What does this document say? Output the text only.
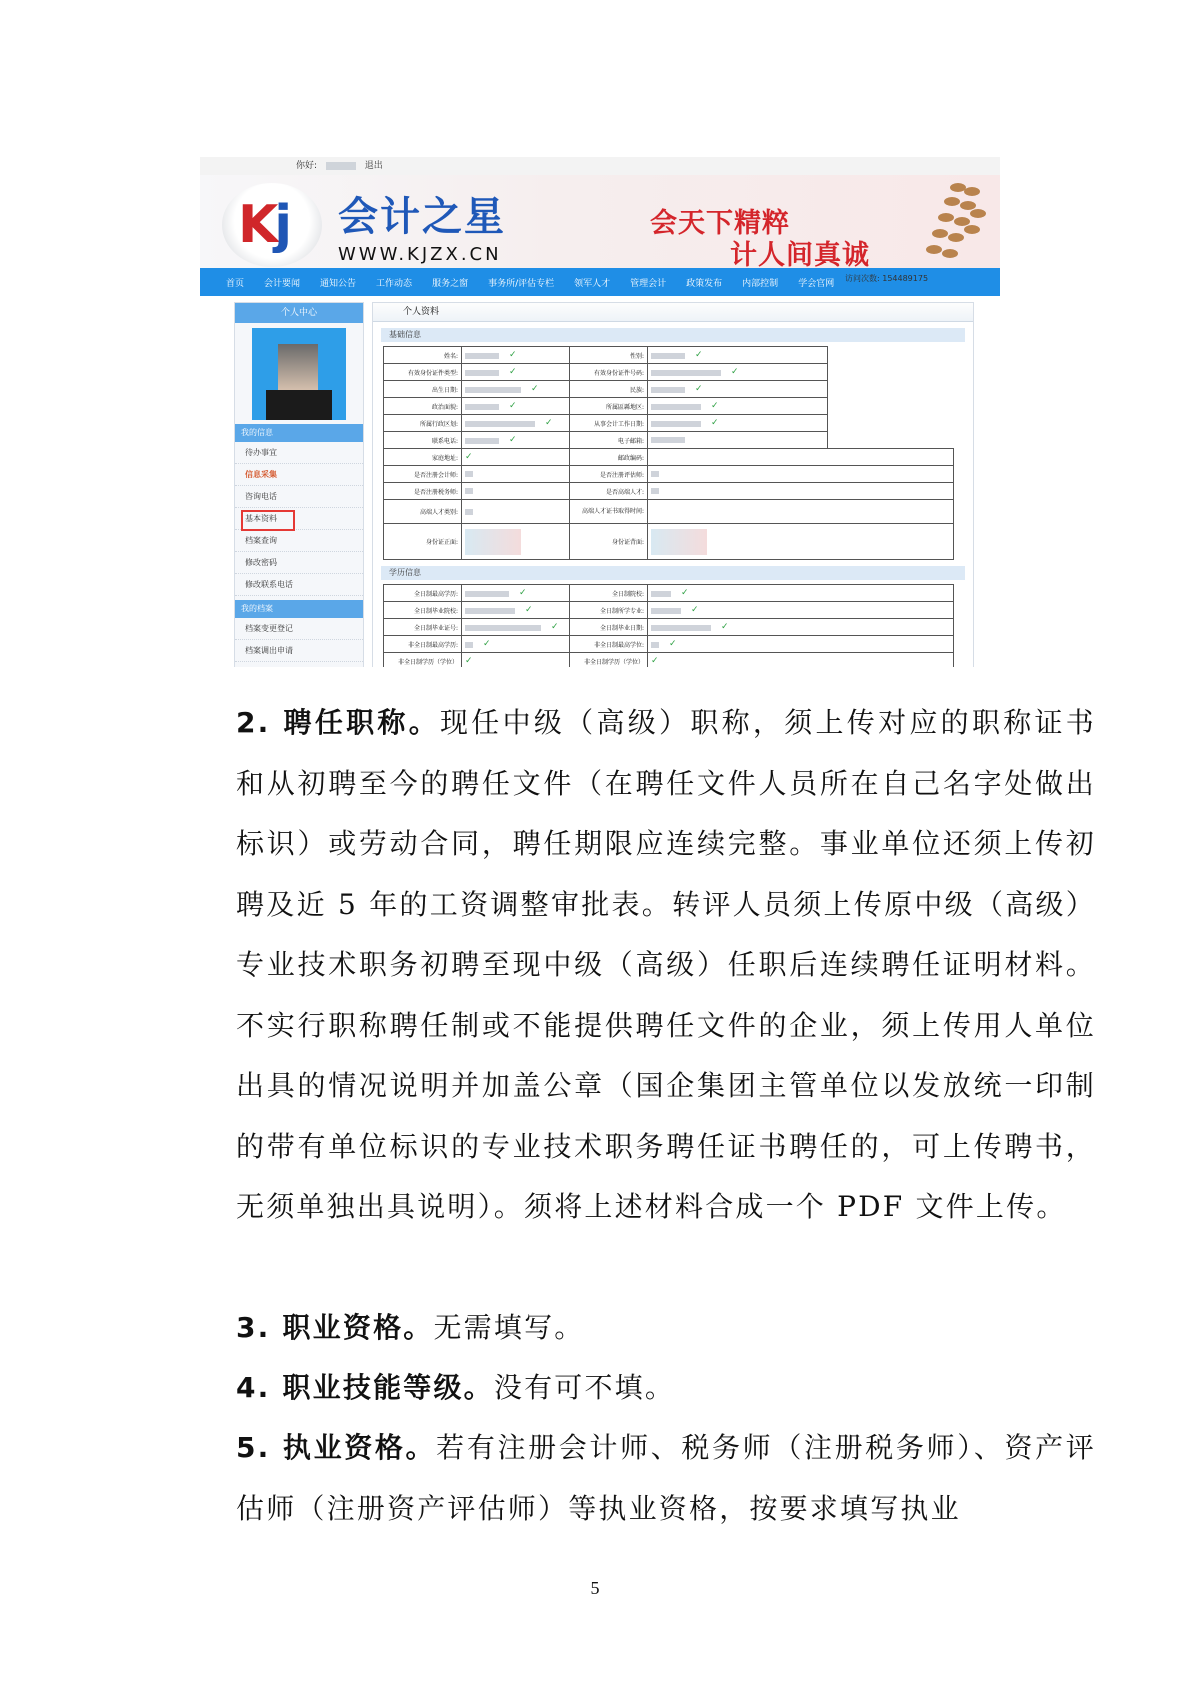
你好:	退出
Kj 会计之星
WWW.KJZX.CN
会天下精粹
计人间真诚
访问次数: 154489175
首页 会计要闻 通知公告 工作动态 服务之窗 事务所/评估专栏 领军人才 管理会计 政策发布 内部控制 学会官网
个人中心
我的信息
待办事宜
信息采集
咨询电话
基本资料
档案查询
修改密码
修改联系电话
我的档案
档案变更登记
档案调出申请
个人资料
基础信息
姓名:	✓	性别:	✓	
有效身份证件类型:	✓	有效身份证件号码:	✓	
出生日期:	✓	民族:	✓	
政治面貌:	✓	所属區縣地区:	✓	
所属行政区划:	✓	从事会计工作日期:	✓	
联系电话:	✓	电子邮箱:		
家庭地址:	✓	邮政编码:		
是否注册会计师:		是否注册评估师:		
是否注册税务师:		是否高端人才:		
高端人才类别:		高端人才证书取得时间:		
身份证正面:		身份证背面:		
学历信息
全日制最高学历:	✓	全日制院校:	✓
全日制毕业院校:	✓	全日制所学专业:	✓
全日制毕业证号:	✓	全日制毕业日期:	✓
非全日制最高学历:	✓	非全日制最高学位:	✓
非全日制学历（学位）	✓	非全日制学历（学位）	✓

2. 聘任职称。现任中级（高级）职称，须上传对应的职称证书和从初聘至今的聘任文件（在聘任文件人员所在自己名字处做出标识）或劳动合同，聘任期限应连续完整。事业单位还须上传初聘及近 5 年的工资调整审批表。转评人员须上传原中级（高级）专业技术职务初聘至现中级（高级）任职后连续聘任证明材料。不实行职称聘任制或不能提供聘任文件的企业，须上传用人单位出具的情况说明并加盖公章（国企集团主管单位以发放统一印制的带有单位标识的专业技术职务聘任证书聘任的，可上传聘书，无须单独出具说明）。须将上述材料合成一个 PDF 文件上传。

3. 职业资格。无需填写。

4. 职业技能等级。没有可不填。

5. 执业资格。若有注册会计师、税务师（注册税务师）、资产评估师（注册资产评估师）等执业资格，按要求填写执业

5
